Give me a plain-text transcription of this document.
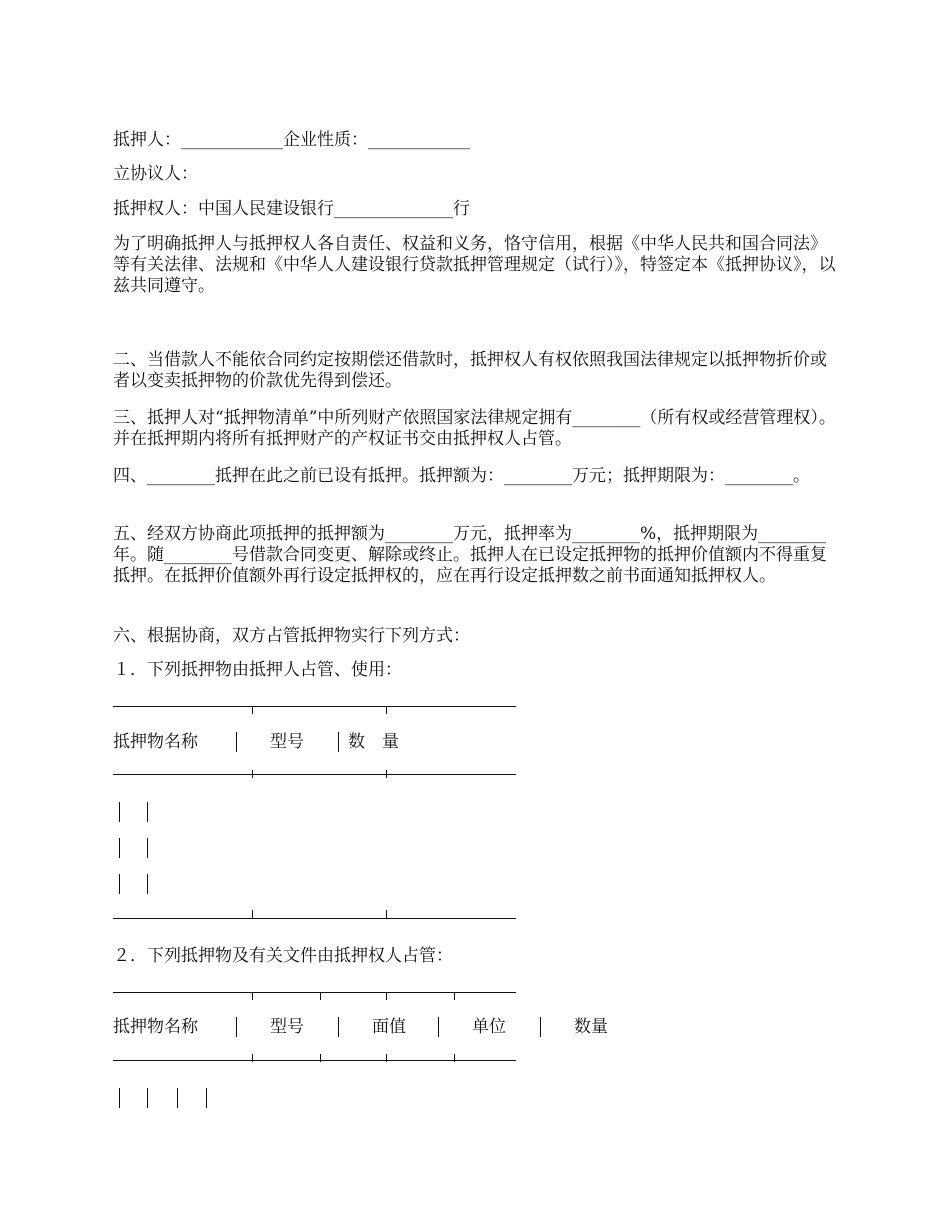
抵押人：____________企业性质：____________
立协议人：
抵押权人：中国人民建设银行______________行
为了明确抵押人与抵押权人各自责任、权益和义务，恪守信用，根据《中华人民共和国合同法》等有关法律、法规和《中华人人建设银行贷款抵押管理规定（试行）》，特签定本《抵押协议》，以兹共同遵守。
二、当借款人不能依合同约定按期偿还借款时，抵押权人有权依照我国法律规定以抵押物折价或者以变卖抵押物的价款优先得到偿还。
三、抵押人对“抵押物清单”中所列财产依照国家法律规定拥有________（所有权或经营管理权）。并在抵押期内将所有抵押财产的产权证书交由抵押权人占管。
四、________抵押在此之前已设有抵押。抵押额为：________万元；抵押期限为：________。
五、经双方协商此项抵押的抵押额为________万元，抵押率为________%，抵押期限为________年。随________号借款合同变更、解除或终止。抵押人在已设定抵押物的抵押价值额内不得重复抵押。在抵押价值额外再行设定抵押权的，应在再行设定抵押数之前书面通知抵押权人。
六、根据协商，双方占管抵押物实行下列方式：
１．下列抵押物由抵押人占管、使用：
抵押物名称	型号	数　量
２．下列抵押物及有关文件由抵押权人占管：
抵押物名称	型号	面值	单位	数量
